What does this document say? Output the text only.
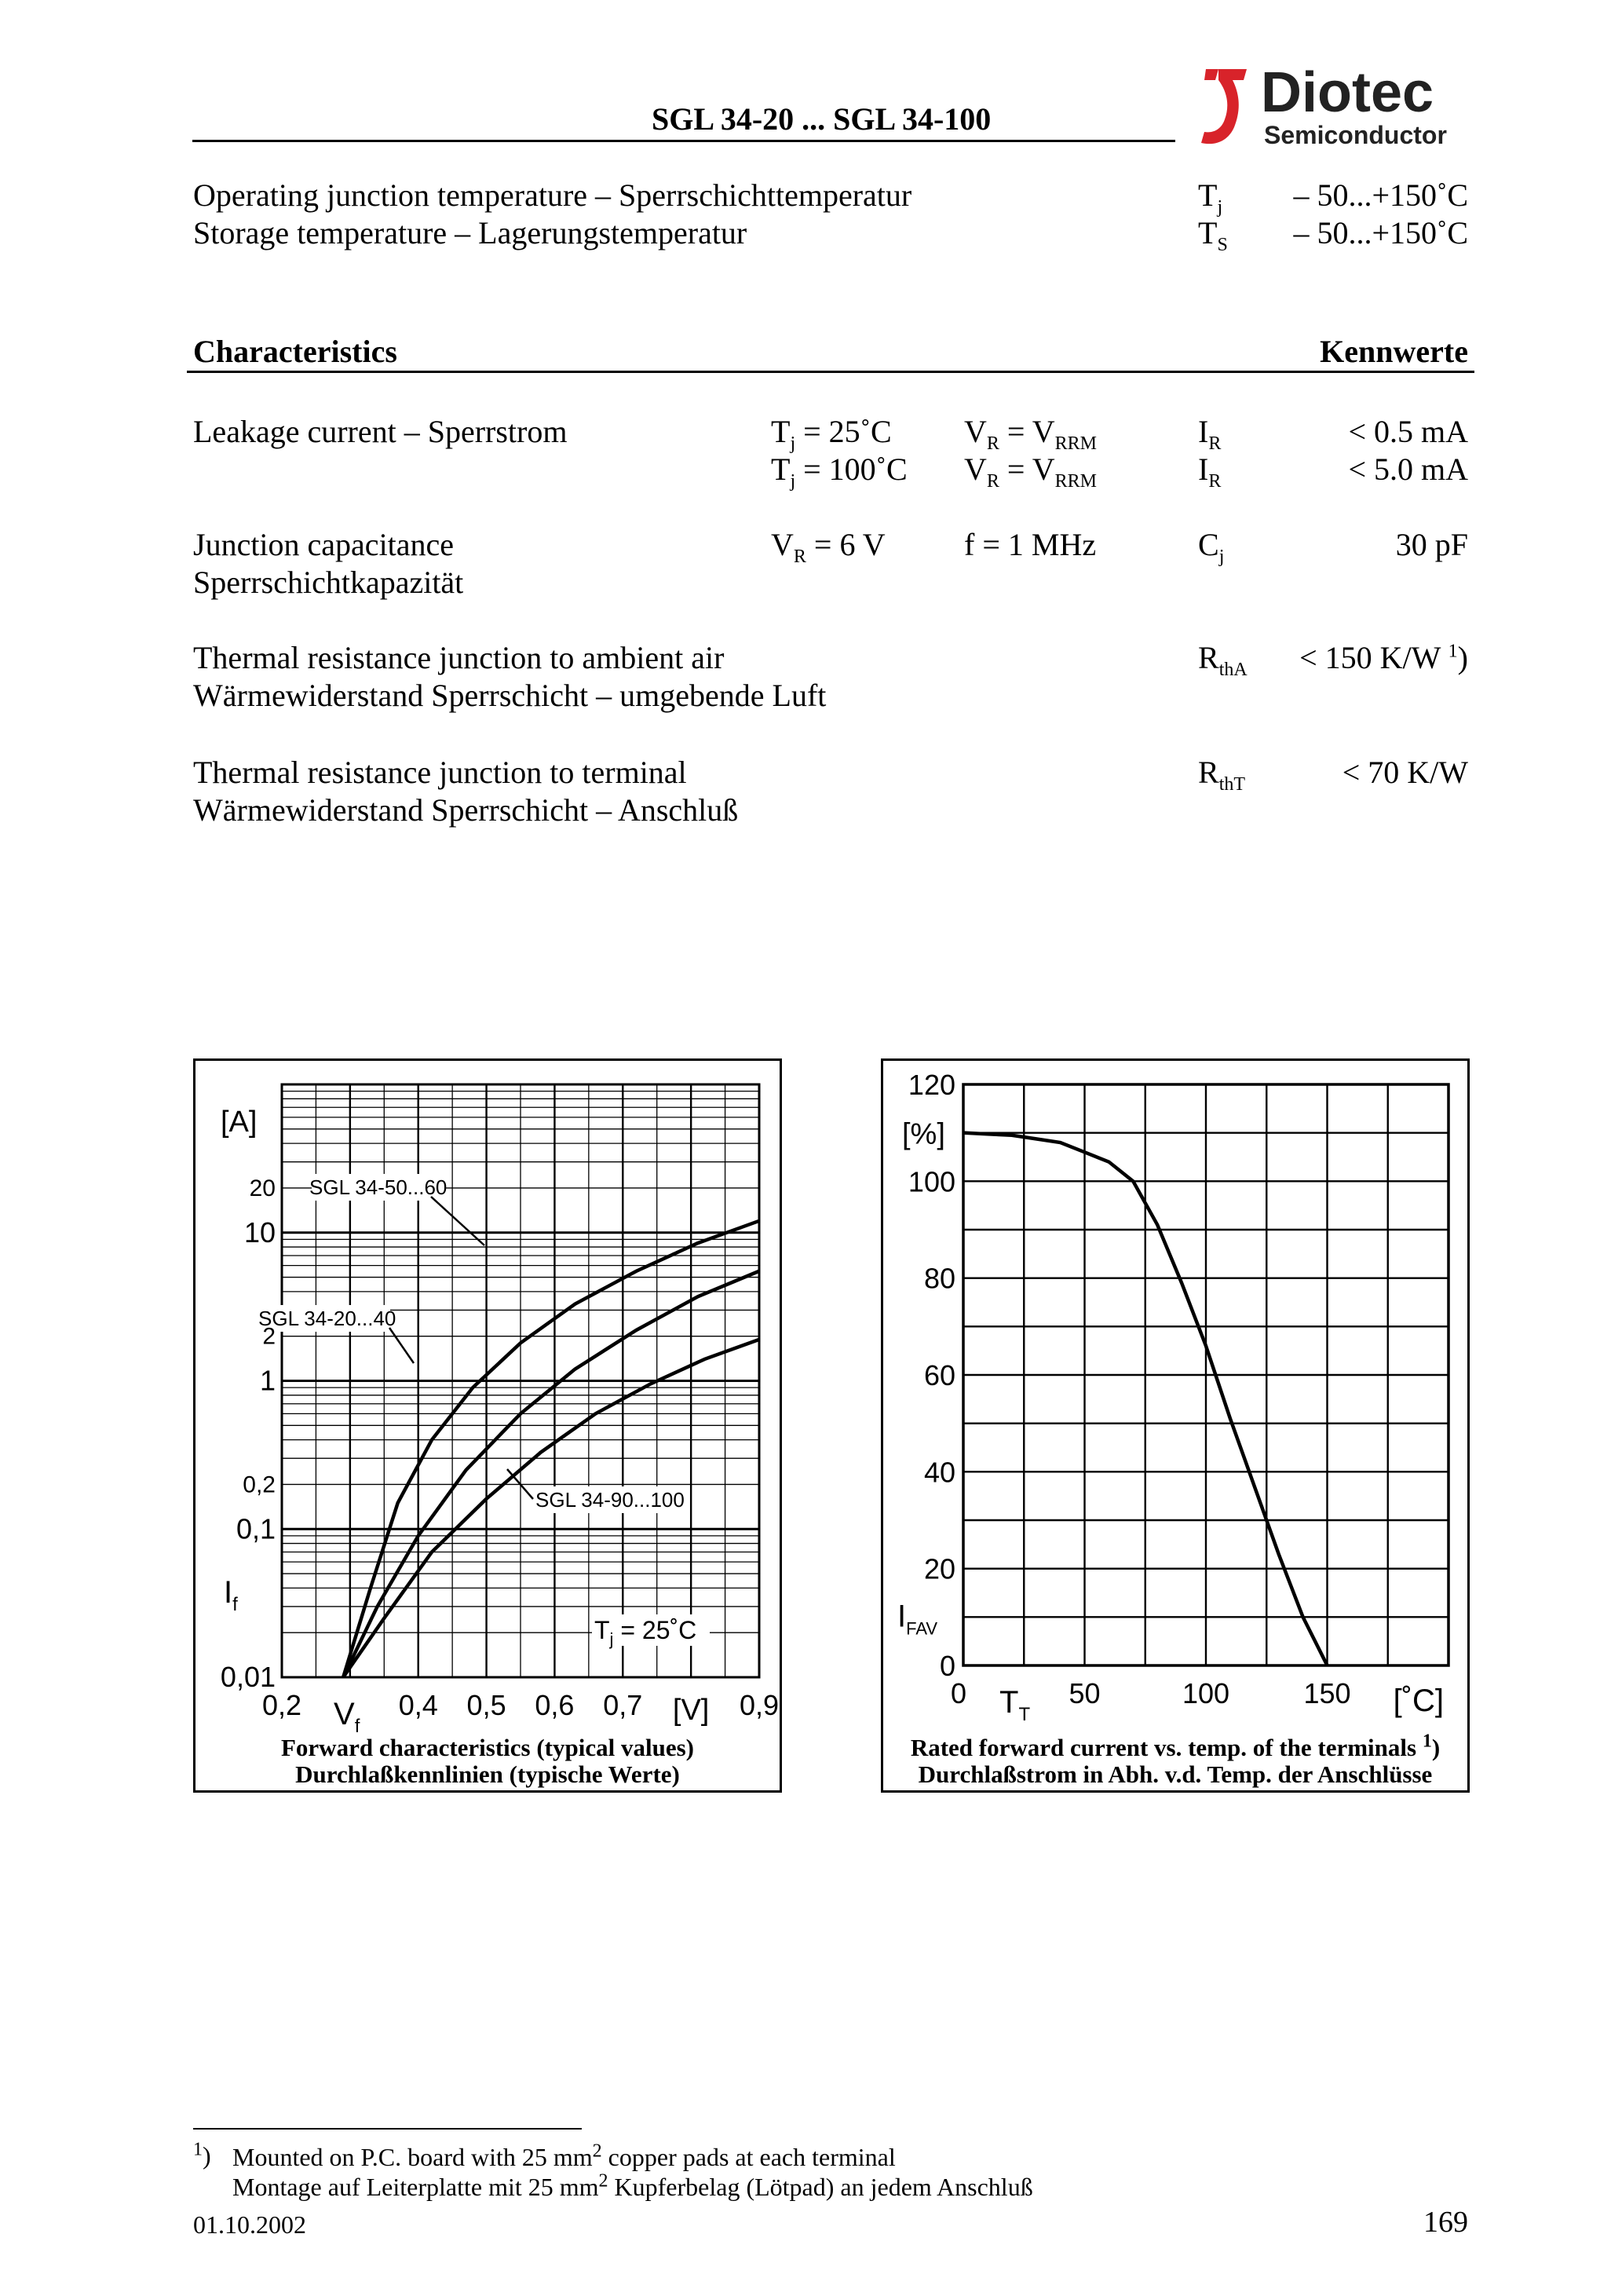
SGL 34-20 ... SGL 34-100	Diotec
Semiconductor
Operating junction temperature – Sperrschichttemperatur	$T_j$	– 50...+150˚C
Storage temperature – Lagerungstemperatur	$T_S$	– 50...+150˚C
Characteristics	Kennwerte
Leakage current – Sperrstrom	$T_j$ = 25˚C $V_R = V_{RRM}$	$I_R$	< 0.5 mA
$T_j$ = 100˚C $V_R = V_{RRM}$	$I_R$	< 5.0 mA
Junction capacitance
Sperrschichtkapazität
$V_R = 6$ V	f = 1 MHz	$C_j$	30 pF
Thermal resistance junction to ambient air
Wärmewiderstand Sperrschicht – umgebende Luft
$R_{thA}$	< 150 K/W $^1$)
Thermal resistance junction to terminal
Wärmewiderstand Sperrschicht – Anschluß
$R_{thT}$	< 70 K/W
SGL 34-50...60
SGL 34-20...40
SGL 34-90...100
$T_j$ = 25˚C
0,01
0,1
0,2
1
2
10
20
[A]
$I_f$
0,2	0,4 0,5 0,6 0,7	0,9
$V_f$	[V]
Forward characteristics (typical values)
Durchlaßkennlinien (typische Werte)
0
20
40
60
80
100
120
[%]
$I_{FAV}$
0	50	100	150
$T_T$	[˚C]
Rated forward current vs. temp. of the terminals $^1$)
Durchlaßstrom in Abh. v.d. Temp. der Anschlüsse
$^1$) Mounted on P.C. board with 25 $mm^2$ copper pads at each terminal
Montage auf Leiterplatte mit 25 $mm^2$ Kupferbelag (Lötpad) an jedem Anschluß
01.10.2002	169
